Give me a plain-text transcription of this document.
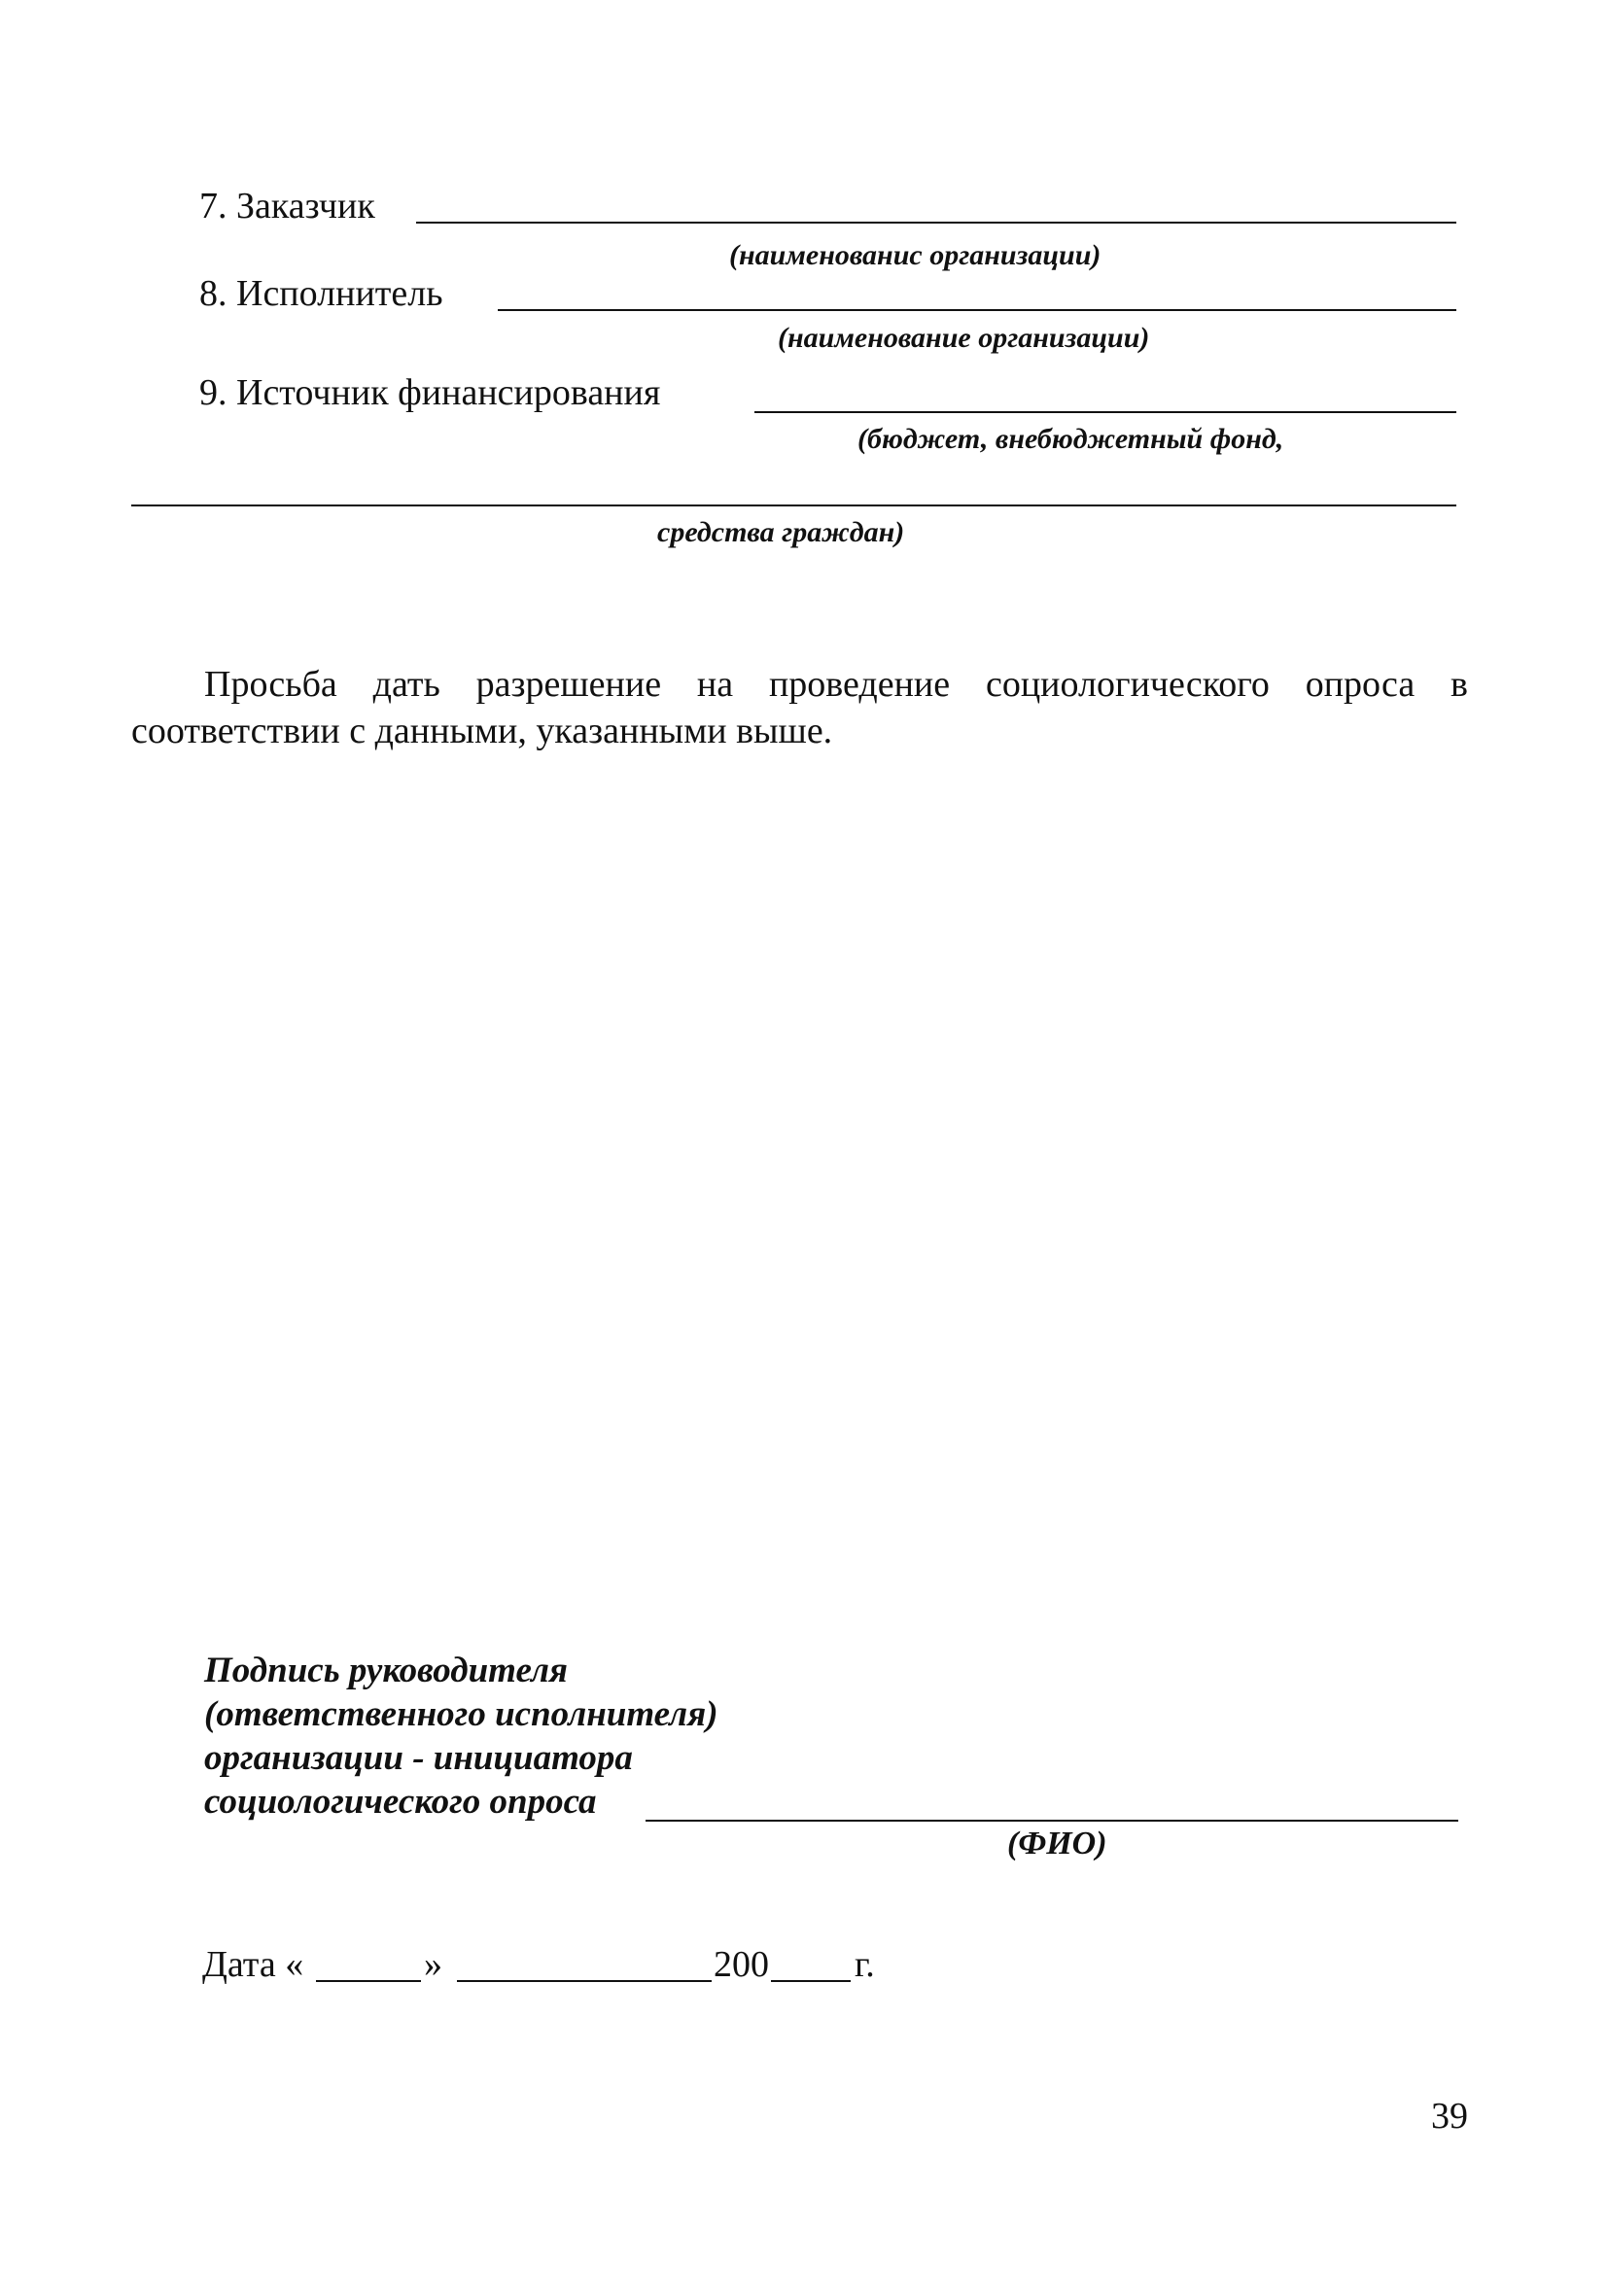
7. Заказчик
(наименованис организации)
8. Исполнитель
(наименование организации)
9. Источник финансирования
(бюджет, внебюджетный фонд,
средства граждан)
Просьба дать разрешение на проведение социологического опроса в
соответствии с данными, указанными выше.
Подпись руководителя
(ответственного исполнителя)
организации - инициатора
социологического опроса
(ФИО)
Дата «	»	200 г.
39
